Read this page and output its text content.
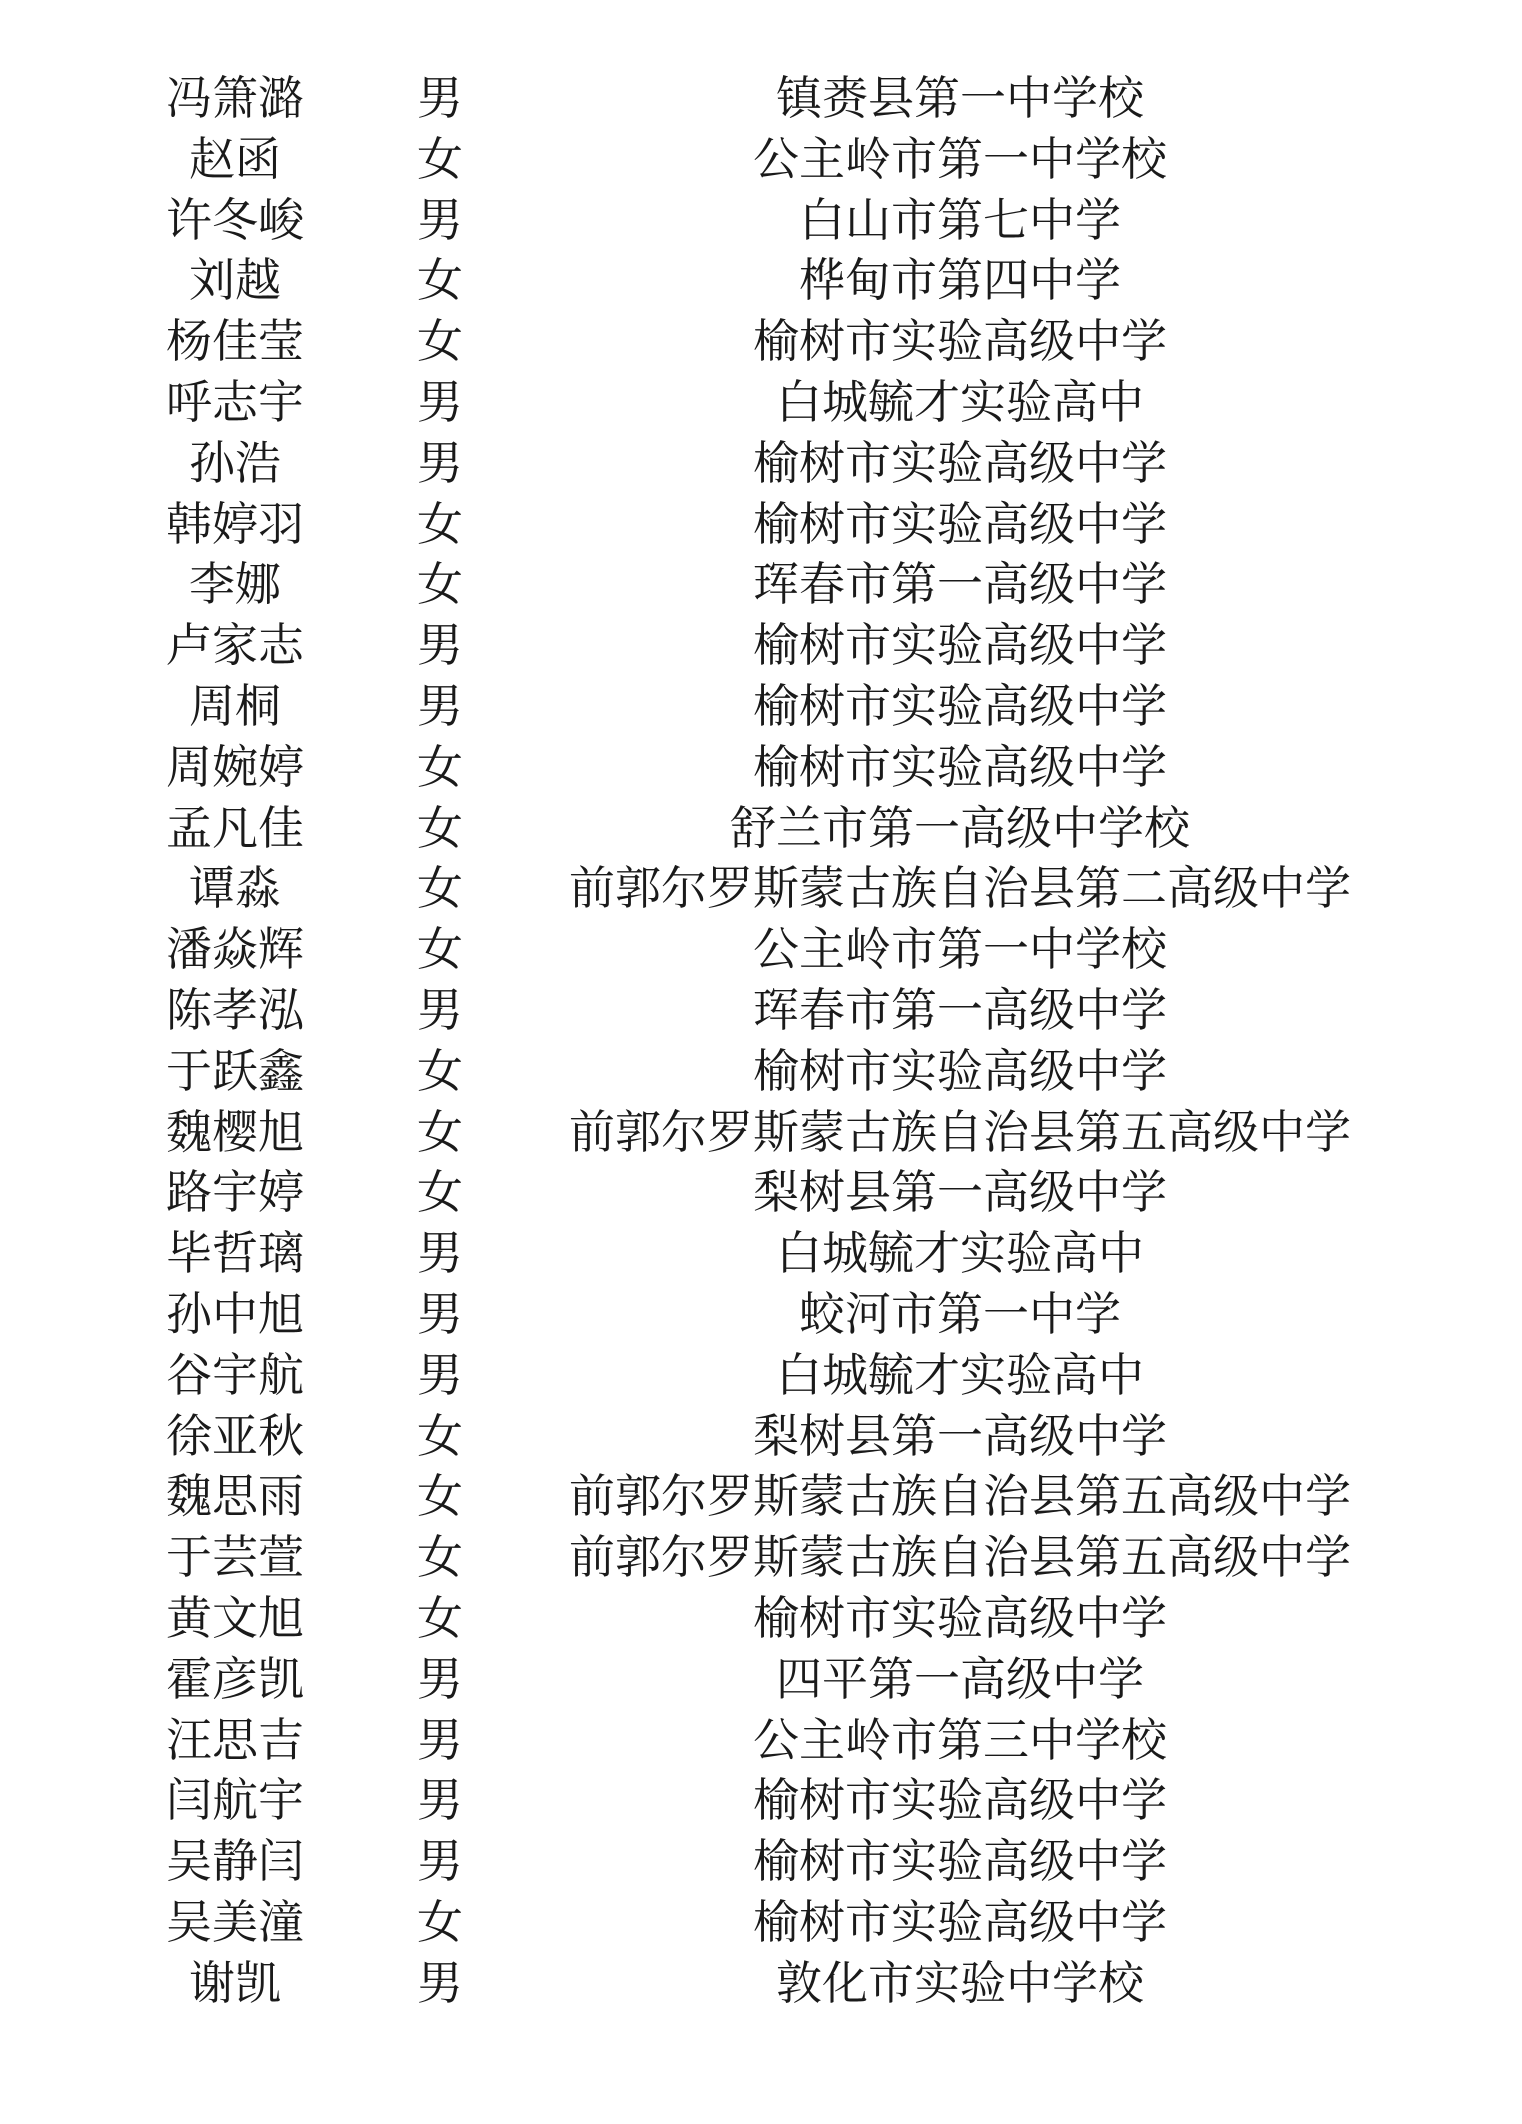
冯箫潞	男	镇赉县第一中学校
赵函	女	公主岭市第一中学校
许冬峻	男	白山市第七中学
刘越	女	桦甸市第四中学
杨佳莹	女	榆树市实验高级中学
呼志宇	男	白城毓才实验高中
孙浩	男	榆树市实验高级中学
韩婷羽	女	榆树市实验高级中学
李娜	女	珲春市第一高级中学
卢家志	男	榆树市实验高级中学
周桐	男	榆树市实验高级中学
周婉婷	女	榆树市实验高级中学
孟凡佳	女	舒兰市第一高级中学校
谭淼	女	前郭尔罗斯蒙古族自治县第二高级中学
潘焱辉	女	公主岭市第一中学校
陈孝泓	男	珲春市第一高级中学
于跃鑫	女	榆树市实验高级中学
魏樱旭	女	前郭尔罗斯蒙古族自治县第五高级中学
路宇婷	女	梨树县第一高级中学
毕哲璃	男	白城毓才实验高中
孙中旭	男	蛟河市第一中学
谷宇航	男	白城毓才实验高中
徐亚秋	女	梨树县第一高级中学
魏思雨	女	前郭尔罗斯蒙古族自治县第五高级中学
于芸萱	女	前郭尔罗斯蒙古族自治县第五高级中学
黄文旭	女	榆树市实验高级中学
霍彦凯	男	四平第一高级中学
汪思吉	男	公主岭市第三中学校
闫航宇	男	榆树市实验高级中学
吴静闫	男	榆树市实验高级中学
吴美潼	女	榆树市实验高级中学
谢凯	男	敦化市实验中学校
